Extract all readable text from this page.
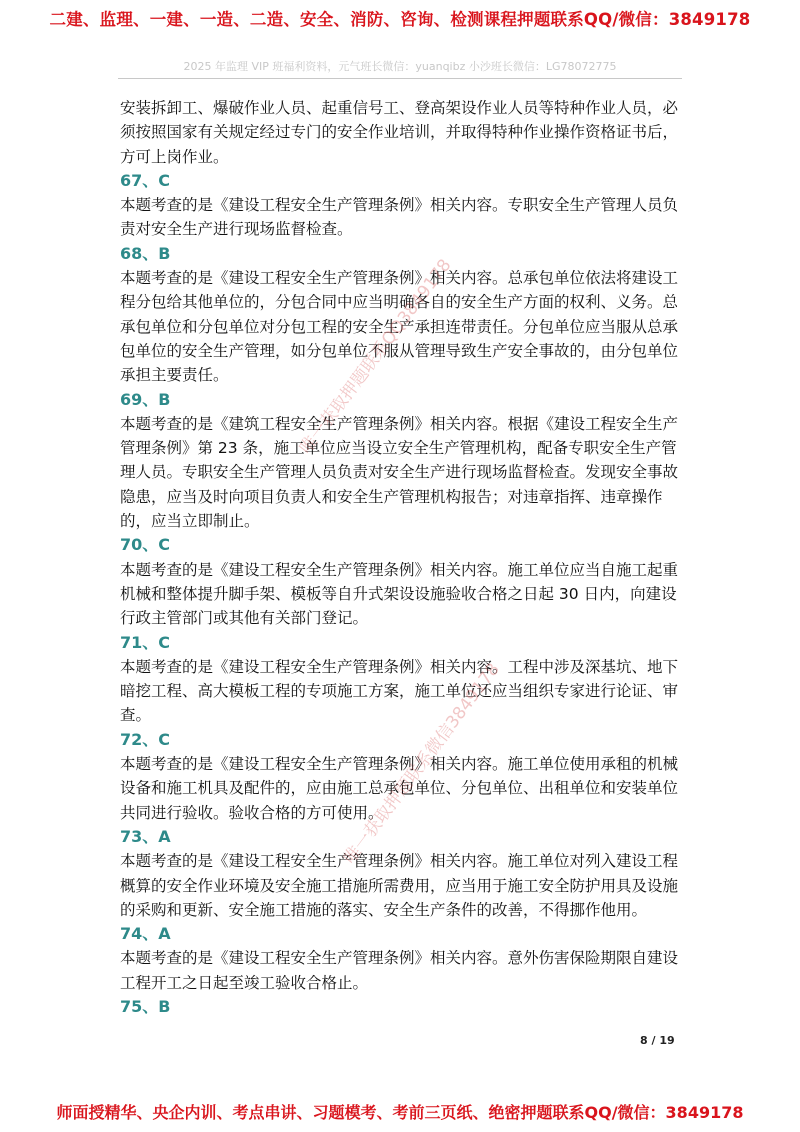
二建、监理、一建、一造、二造、安全、消防、咨询、检测课程押题联系QQ/微信：3849178
2025 年监理 VIP 班福利资料，元气班长微信：yuanqibz 小沙班长微信：LG78072775

安装拆卸工、爆破作业人员、起重信号工、登高架设作业人员等特种作业人员，必须按照国家有关规定经过专门的安全作业培训，并取得特种作业操作资格证书后，方可上岗作业。

67、C

本题考查的是《建设工程安全生产管理条例》相关内容。专职安全生产管理人员负责对安全生产进行现场监督检查。

68、B

本题考查的是《建设工程安全生产管理条例》相关内容。总承包单位依法将建设工程分包给其他单位的，分包合同中应当明确各自的安全生产方面的权利、义务。总承包单位和分包单位对分包工程的安全生产承担连带责任。分包单位应当服从总承包单位的安全生产管理，如分包单位不服从管理导致生产安全事故的，由分包单位承担主要责任。

69、B

本题考查的是《建筑工程安全生产管理条例》相关内容。根据《建设工程安全生产管理条例》第 23 条，施工单位应当设立安全生产管理机构，配备专职安全生产管理人员。专职安全生产管理人员负责对安全生产进行现场监督检查。发现安全事故隐患，应当及时向项目负责人和安全生产管理机构报告；对违章指挥、违章操作的，应当立即制止。

70、C

本题考查的是《建设工程安全生产管理条例》相关内容。施工单位应当自施工起重机械和整体提升脚手架、模板等自升式架设设施验收合格之日起 30 日内，向建设行政主管部门或其他有关部门登记。

71、C

本题考查的是《建设工程安全生产管理条例》相关内容。工程中涉及深基坑、地下暗挖工程、高大模板工程的专项施工方案，施工单位还应当组织专家进行论证、审查。

72、C

本题考查的是《建设工程安全生产管理条例》相关内容。施工单位使用承租的机械设备和施工机具及配件的，应由施工总承包单位、分包单位、出租单位和安装单位共同进行验收。验收合格的方可使用。

73、A

本题考查的是《建设工程安全生产管理条例》相关内容。施工单位对列入建设工程概算的安全作业环境及安全施工措施所需费用，应当用于施工安全防护用具及设施的采购和更新、安全施工措施的落实、安全生产条件的改善，不得挪作他用。

74、A

本题考查的是《建设工程安全生产管理条例》相关内容。意外伤害保险期限自建设工程开工之日起至竣工验收合格止。

75、B

唯一获取押题联系QQ3849178
唯一获取押题联系微信3849178
8 / 19
师面授精华、央企内训、考点串讲、习题模考、考前三页纸、绝密押题联系QQ/微信：3849178
